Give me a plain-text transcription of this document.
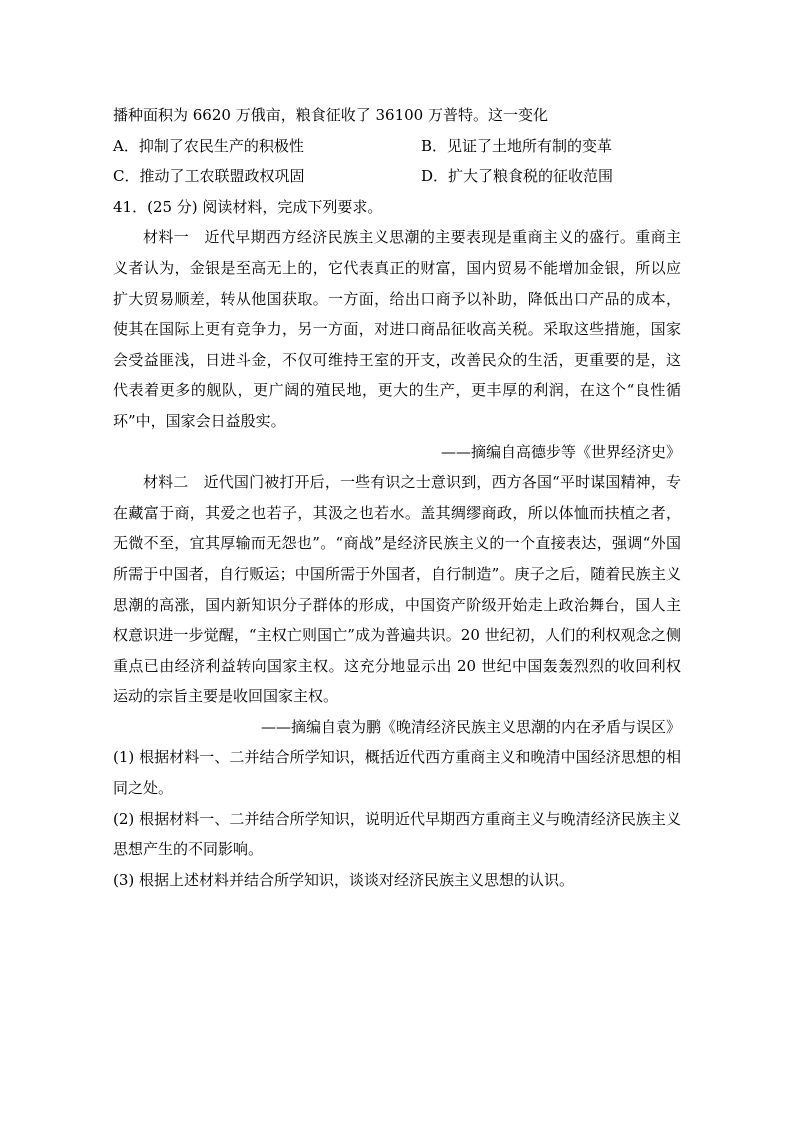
播种面积为 6620 万俄亩，粮食征收了 36100 万普特。这一变化
A．抑制了农民生产的积极性	B．见证了土地所有制的变革
C．推动了工农联盟政权巩固	D．扩大了粮食税的征收范围
41．(25 分) 阅读材料，完成下列要求。

材料一　近代早期西方经济民族主义思潮的主要表现是重商主义的盛行。重商主义者认为，金银是至高无上的，它代表真正的财富，国内贸易不能增加金银，所以应扩大贸易顺差，转从他国获取。一方面，给出口商予以补助，降低出口产品的成本，使其在国际上更有竞争力，另一方面，对进口商品征收高关税。采取这些措施，国家会受益匪浅，日进斗金，不仅可维持王室的开支，改善民众的生活，更重要的是，这代表着更多的舰队，更广阔的殖民地，更大的生产，更丰厚的利润，在这个“良性循环”中，国家会日益殷实。

——摘编自高德步等《世界经济史》

材料二　近代国门被打开后，一些有识之士意识到，西方各国“平时谋国精神，专在藏富于商，其爱之也若子，其汲之也若水。盖其绸缪商政，所以体恤而扶植之者，无微不至，宜其厚输而无怨也”。“商战”是经济民族主义的一个直接表达，强调“外国所需于中国者，自行贩运；中国所需于外国者，自行制造”。庚子之后，随着民族主义思潮的高涨，国内新知识分子群体的形成，中国资产阶级开始走上政治舞台，国人主权意识进一步觉醒，“主权亡则国亡”成为普遍共识。20 世纪初，人们的利权观念之侧重点已由经济利益转向国家主权。这充分地显示出 20 世纪中国轰轰烈烈的收回利权运动的宗旨主要是收回国家主权。

——摘编自袁为鹏《晚清经济民族主义思潮的内在矛盾与误区》

(1) 根据材料一、二并结合所学知识，概括近代西方重商主义和晚清中国经济思想的相同之处。

(2) 根据材料一、二并结合所学知识，说明近代早期西方重商主义与晚清经济民族主义思想产生的不同影响。

(3) 根据上述材料并结合所学知识，谈谈对经济民族主义思想的认识。
